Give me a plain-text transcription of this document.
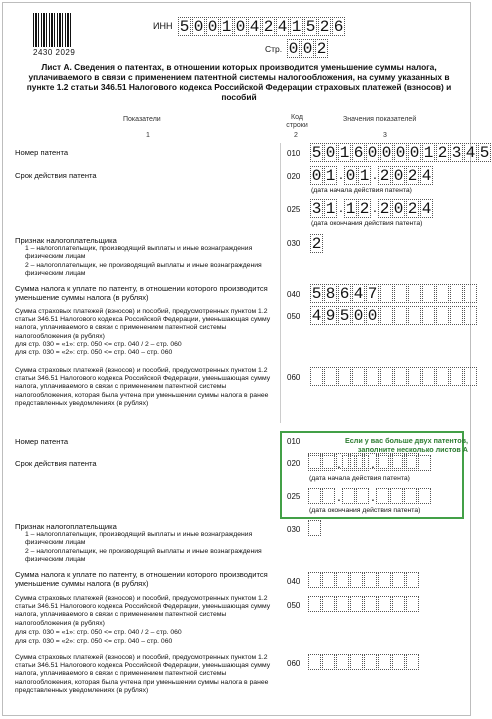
2430 2029
ИНН 5 0 0 1 0 4 2 4 1 5 2 6
Стр. 0 0 2
Лист А. Сведения о патентах, в отношении которых производится уменьшение суммы налога, уплачиваемого в связи с применением патентной системы налогообложения, на сумму указанных в пункте 1.2 статьи 346.51 Налогового кодекса Российской Федерации страховых платежей (взносов) и пособий
Показатели	Код строки
Значения показателей
1	2	3
Номер патента	010 5 0 1 6 0 0 0 0 1 2 3 4 5
Срок действия патента	020 0 1 . 0 1 . 2 0 2 4
(дата начала действия патента)
025 3 1 . 1 2 . 2 0 2 4
(дата окончания действия патента)
Признак налогоплательщика
1 – налогоплательщик, производящий выплаты и иные вознаграждения физическим лицам
2 – налогоплательщик, не производящий выплаты и иные вознаграждения физическим лицам
030 2
Сумма налога к уплате по патенту, в отношении которого производится уменьшение суммы налога (в рублях)	040 5 8 6 4 7
Сумма страховых платежей (взносов) и пособий, предусмотренных пунктом 1.2 статьи 346.51 Налогового кодекса Российской Федерации, уменьшающая сумму налога, уплачиваемого в связи с применением патентной системы налогообложения (в рублях)
для стр. 030 = «1»: стр. 050 <= стр. 040 / 2 – стр. 060
для стр. 030 = «2»: стр. 050 <= стр. 040 – стр. 060
050 4 9 5 0 0
Сумма страховых платежей (взносов) и пособий, предусмотренных пунктом 1.2 статьи 346.51 Налогового кодекса Российской Федерации, уменьшающая сумму налога, уплачиваемого в связи с применением патентной системы налогообложения, которая была учтена при уменьшении суммы налога в ранее представленных уведомлениях (в рублях)
060
Если у вас больше двух патентов, заполните несколько листов А
Номер патента	010
Срок действия патента	020	. .
(дата начала действия патента)
025	. .
(дата окончания действия патента)
Признак налогоплательщика
1 – налогоплательщик, производящий выплаты и иные вознаграждения физическим лицам
2 – налогоплательщик, не производящий выплаты и иные вознаграждения физическим лицам
030
Сумма налога к уплате по патенту, в отношении которого производится уменьшение суммы налога (в рублях)	040
Сумма страховых платежей (взносов) и пособий, предусмотренных пунктом 1.2 статьи 346.51 Налогового кодекса Российской Федерации, уменьшающая сумму налога, уплачиваемого в связи с применением патентной системы налогообложения (в рублях)
для стр. 030 = «1»: стр. 050 <= стр. 040 / 2 – стр. 060
для стр. 030 = «2»: стр. 050 <= стр. 040 – стр. 060
050
Сумма страховых платежей (взносов) и пособий, предусмотренных пунктом 1.2 статьи 346.51 Налогового кодекса Российской Федерации, уменьшающая сумму налога, уплачиваемого в связи с применением патентной системы налогообложения, которая была учтена при уменьшении суммы налога в ранее представленных уведомлениях (в рублях)
060
